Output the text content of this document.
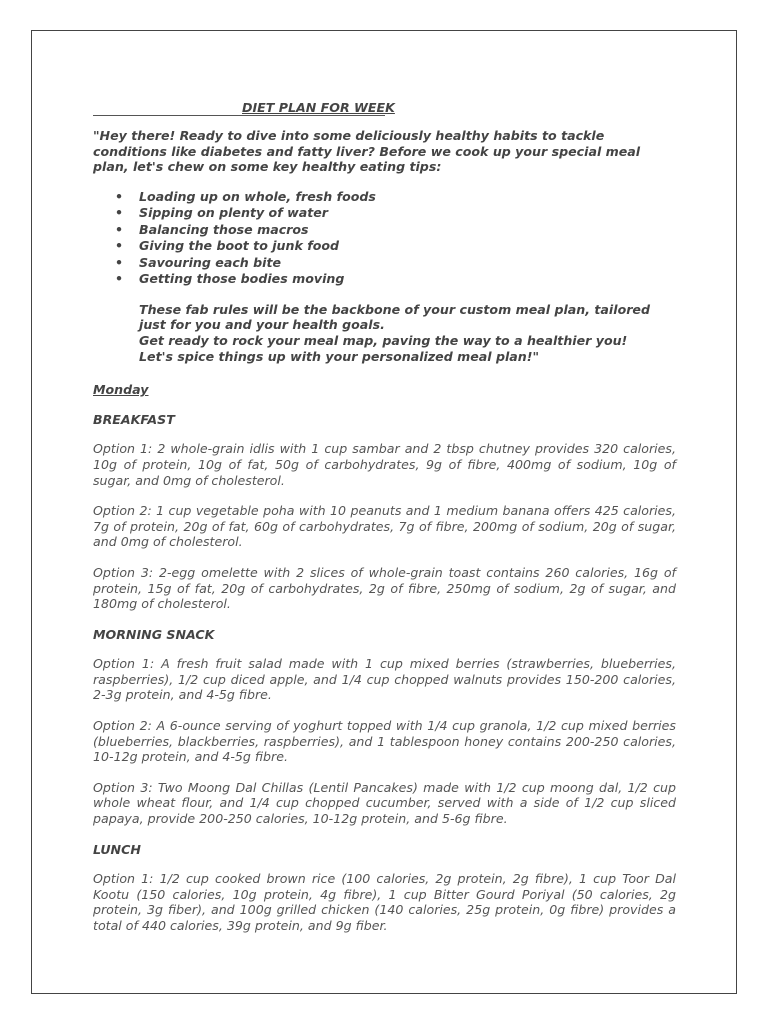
DIET PLAN FOR WEEK

"Hey there! Ready to dive into some deliciously healthy habits to tackle conditions like diabetes and fatty liver? Before we cook up your special meal plan, let's chew on some key healthy eating tips:

• Loading up on whole, fresh foods
• Sipping on plenty of water
• Balancing those macros
• Giving the boot to junk food
• Savouring each bite
• Getting those bodies moving

These fab rules will be the backbone of your custom meal plan, tailored just for you and your health goals.

Get ready to rock your meal map, paving the way to a healthier you!

Let's spice things up with your personalized meal plan!"

Monday
BREAKFAST

Option 1: 2 whole-grain idlis with 1 cup sambar and 2 tbsp chutney provides 320 calories, 10g of protein, 10g of fat, 50g of carbohydrates, 9g of fibre, 400mg of sodium, 10g of sugar, and 0mg of cholesterol.

Option 2: 1 cup vegetable poha with 10 peanuts and 1 medium banana offers 425 calories, 7g of protein, 20g of fat, 60g of carbohydrates, 7g of fibre, 200mg of sodium, 20g of sugar, and 0mg of cholesterol.

Option 3: 2-egg omelette with 2 slices of whole-grain toast contains 260 calories, 16g of protein, 15g of fat, 20g of carbohydrates, 2g of fibre, 250mg of sodium, 2g of sugar, and 180mg of cholesterol.

MORNING SNACK

Option 1: A fresh fruit salad made with 1 cup mixed berries (strawberries, blueberries, raspberries), 1/2 cup diced apple, and 1/4 cup chopped walnuts provides 150-200 calories, 2-3g protein, and 4-5g fibre.

Option 2: A 6-ounce serving of yoghurt topped with 1/4 cup granola, 1/2 cup mixed berries (blueberries, blackberries, raspberries), and 1 tablespoon honey contains 200-250 calories, 10-12g protein, and 4-5g fibre.

Option 3: Two Moong Dal Chillas (Lentil Pancakes) made with 1/2 cup moong dal, 1/2 cup whole wheat flour, and 1/4 cup chopped cucumber, served with a side of 1/2 cup sliced papaya, provide 200-250 calories, 10-12g protein, and 5-6g fibre.

LUNCH

Option 1: 1/2 cup cooked brown rice (100 calories, 2g protein, 2g fibre), 1 cup Toor Dal Kootu (150 calories, 10g protein, 4g fibre), 1 cup Bitter Gourd Poriyal (50 calories, 2g protein, 3g fiber), and 100g grilled chicken (140 calories, 25g protein, 0g fibre) provides a total of 440 calories, 39g protein, and 9g fiber.
